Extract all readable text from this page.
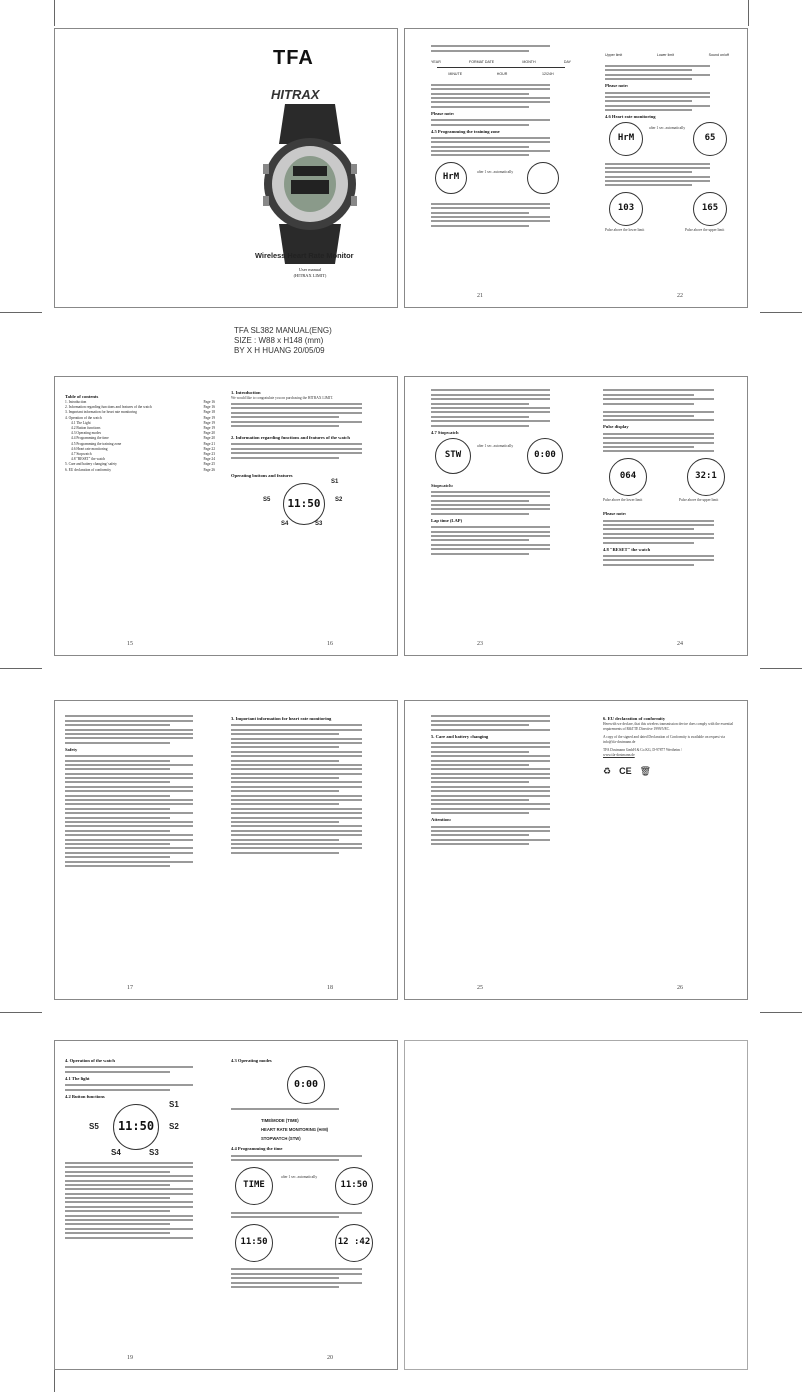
TFA
HITRAX
Wireless Heart Rate Monitor
User manual
(HITRAX LIMIT)
YEAR	FORMAT DATE	MONTH	DAY
MINUTE	HOUR	12/24H
Please note:
4.5 Programming the training zone
HrM	after 1 sec. automatically
21
Upper limit	Lower limit	Sound on/off
Please note:
4.6 Heart rate monitoring
HrM
after 1 sec. automatically
65
103	165
Pulse above the lower limit	Pulse above the upper limit
22
TFA SL382 MANUAL(ENG)
SIZE : W88 x H148 (mm)
BY X H HUANG 20/05/09
Table of contents
1. Introduction	Page 16
2. Information regarding functions and features of the watch	Page 16
3. Important information for heart rate monitoring	Page 18
4. Operation of the watch	Page 19
4.1 The Light	Page 19
4.2 Button functions	Page 19
4.3 Operating modes	Page 20
4.4 Programming the time	Page 20
4.5 Programming the training zone	Page 21
4.6 Heart rate monitoring	Page 22
4.7 Stopwatch	Page 23
4.8 "RESET" the watch	Page 24
5. Care and battery changing/ safety	Page 25
6. EU declaration of conformity	Page 26
15
1. Introduction
We would like to congratulate you on purchasing the HITRAX LIMIT.
2. Information regarding functions and features of the watch
Operating buttons and features
11:50
S1
S2
S5
S4	S3
16
4.7 Stopwatch
STW
after 1 sec. automatically
0:00
Stopwatch:
Lap time (LAP)
23
Pulse display
064	32:1
Pulse above the lower limit	Pulse above the upper limit
Please note:
4.8 "RESET" the watch
24
Safety
17
3. Important information for heart rate monitoring
18
5. Care and battery changing
Attention:
25
6. EU declaration of conformity
Herewith we declare, that this wireless transmission device does comply with the essential requirements of R&TTE Directive 1999/5/EC.
A copy of the signed and dated Declaration of Conformity is available on request via info@tfa-dostmann.de
TFA Dostmann GmbH & Co.KG, D-97877 Wertheim /
www.tfa-dostmann.de
♻ CE 🗑
26
4. Operation of the watch
4.1 The light
4.2 Button functions
11:50
S1
S2
S5
S4	S3
19
4.3 Operating modes
0:00
TIME/MODE (TIME)
HEART RATE MONITORING (HrM)
STOPWATCH (STW)
4.4 Programming the time
TIME
after 1 sec. automatically
11:50
11:50	12 :42
20
